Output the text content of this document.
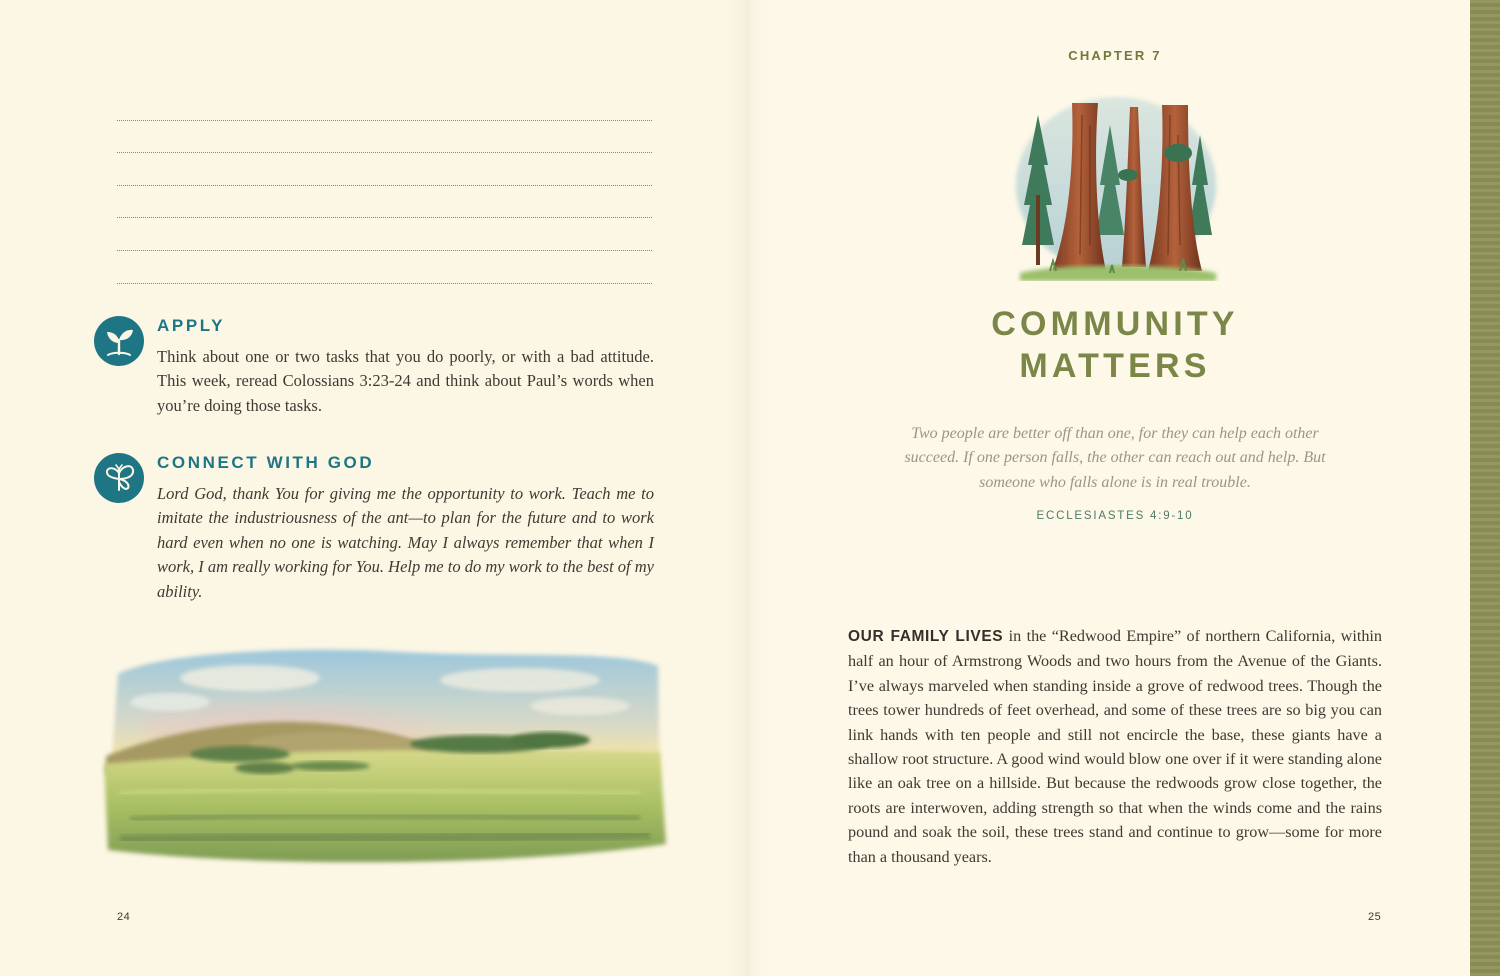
APPLY
Think about one or two tasks that you do poorly, or with a bad attitude. This week, reread Colossians 3:23-24 and think about Paul’s words when you’re doing those tasks.
CONNECT WITH GOD
Lord God, thank You for giving me the opportunity to work. Teach me to imitate the industriousness of the ant—to plan for the future and to work hard even when no one is watching. May I always remember that when I work, I am really working for You. Help me to do my work to the best of my ability.
24
CHAPTER 7
COMMUNITY
MATTERS
Two people are better off than one, for they can help each other succeed. If one person falls, the other can reach out and help. But someone who falls alone is in real trouble.
ECCLESIASTES 4:9-10
OUR FAMILY LIVES in the “Redwood Empire” of northern California, within half an hour of Armstrong Woods and two hours from the Avenue of the Giants. I’ve always marveled when standing inside a grove of redwood trees. Though the trees tower hundreds of feet overhead, and some of these trees are so big you can link hands with ten people and still not encircle the base, these giants have a shallow root structure. A good wind would blow one over if it were standing alone like an oak tree on a hillside. But because the redwoods grow close together, the roots are interwoven, adding strength so that when the winds come and the rains pound and soak the soil, these trees stand and continue to grow—some for more than a thousand years.
25
